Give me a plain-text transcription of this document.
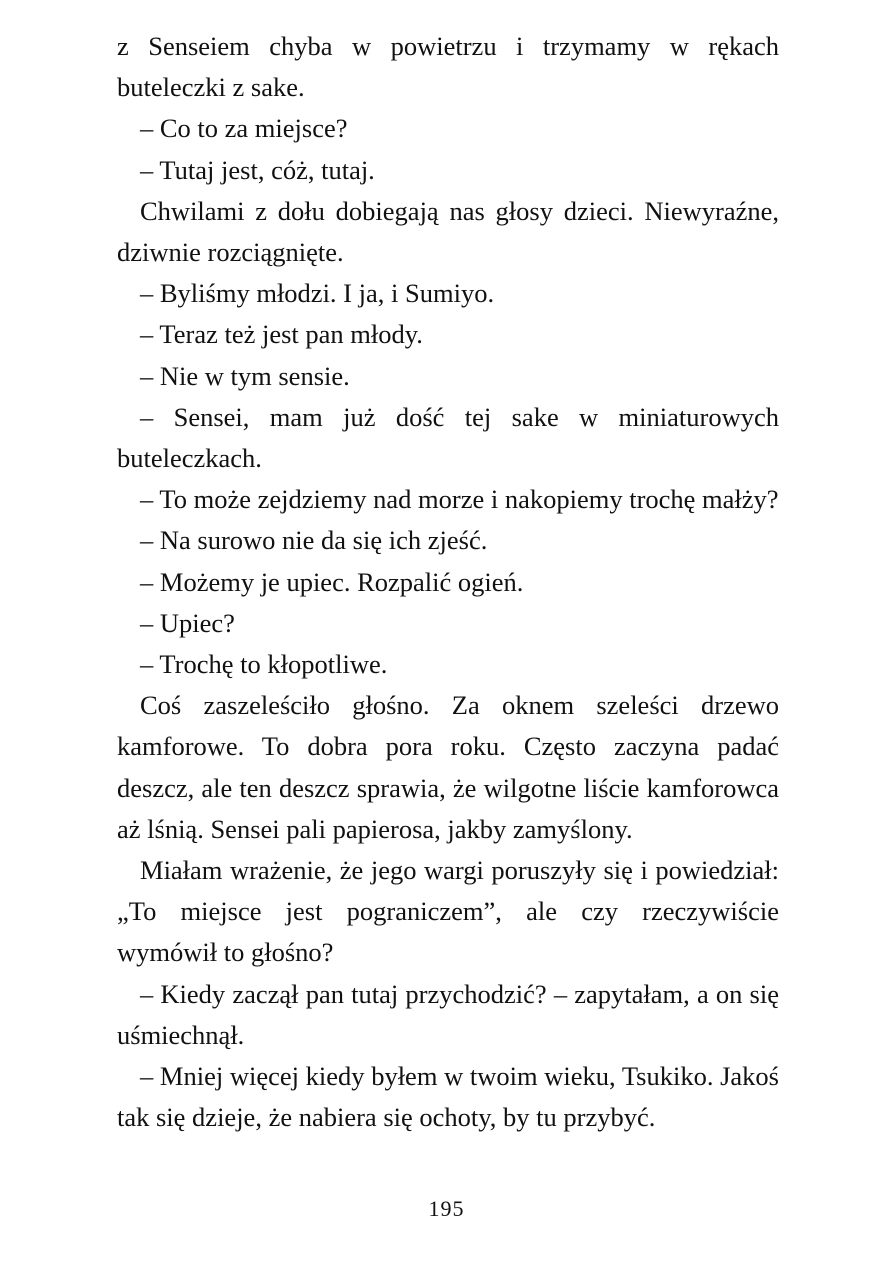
z Senseiem chyba w powietrzu i trzymamy w rękach buteleczki z sake.

– Co to za miejsce?

– Tutaj jest, cóż, tutaj.

Chwilami z dołu dobiegają nas głosy dzieci. Niewyraźne, dziwnie rozciągnięte.

– Byliśmy młodzi. I ja, i Sumiyo.

– Teraz też jest pan młody.

– Nie w tym sensie.

– Sensei, mam już dość tej sake w miniaturowych buteleczkach.

– To może zejdziemy nad morze i nakopiemy trochę małży?

– Na surowo nie da się ich zjeść.

– Możemy je upiec. Rozpalić ogień.

– Upiec?

– Trochę to kłopotliwe.

Coś zaszeleściło głośno. Za oknem szeleści drzewo kamforowe. To dobra pora roku. Często zaczyna padać deszcz, ale ten deszcz sprawia, że wilgotne liście kamforowca aż lśnią. Sensei pali papierosa, jakby zamyślony.

Miałam wrażenie, że jego wargi poruszyły się i powiedział: „To miejsce jest pograniczem”, ale czy rzeczywiście wymówił to głośno?

– Kiedy zaczął pan tutaj przychodzić? – zapytałam, a on się uśmiechnął.

– Mniej więcej kiedy byłem w twoim wieku, Tsukiko. Jakoś tak się dzieje, że nabiera się ochoty, by tu przybyć.

195
